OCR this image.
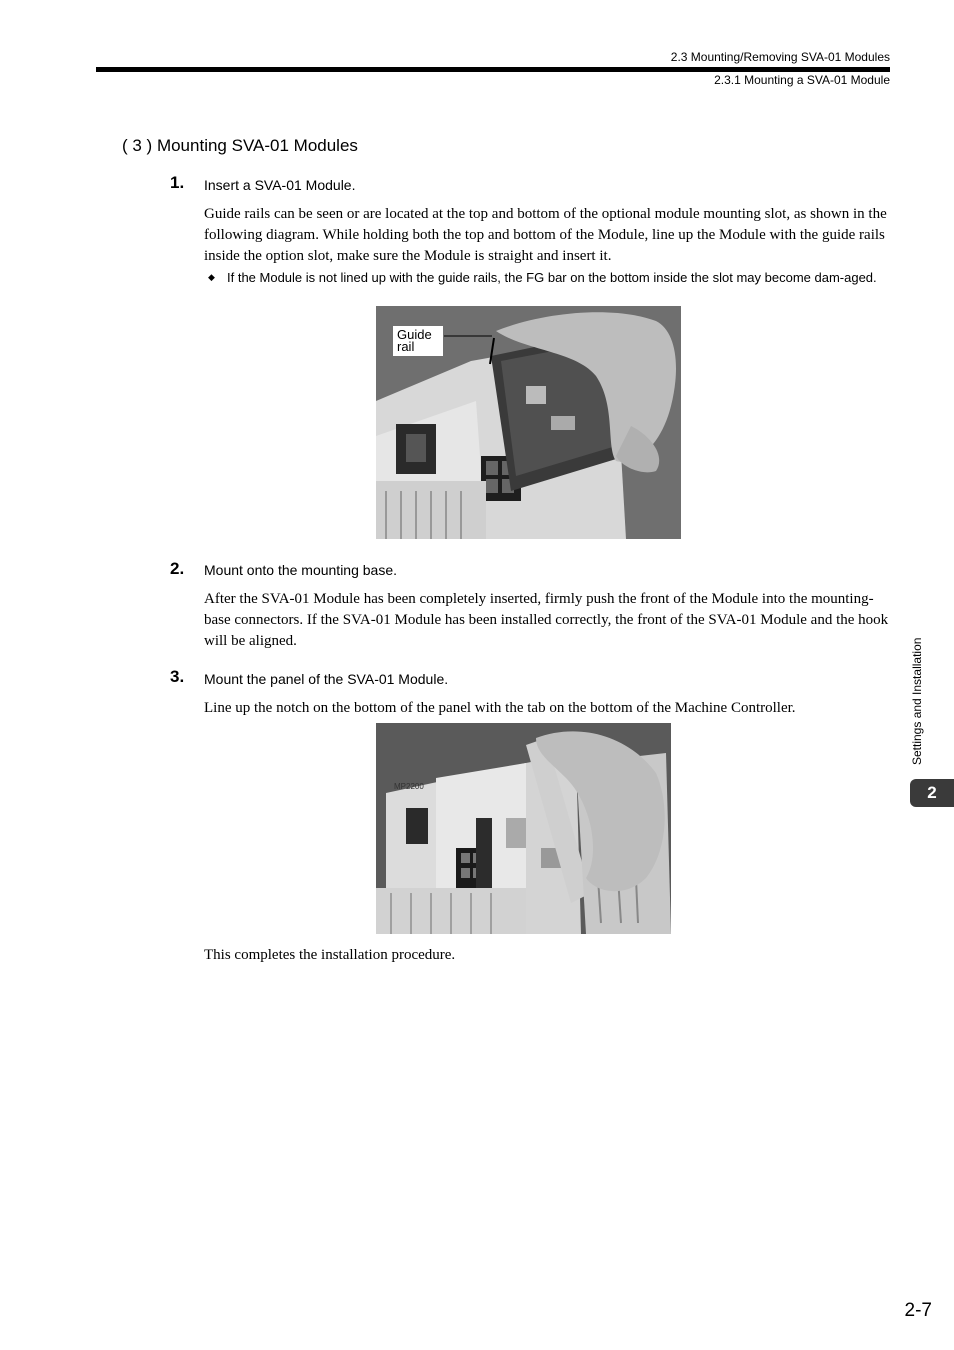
2.3 Mounting/Removing SVA-01 Modules
2.3.1 Mounting a SVA-01 Module
( 3 ) Mounting SVA-01 Modules
1. Insert a SVA-01 Module.
Guide rails can be seen or are located at the top and bottom of the optional module mounting slot, as shown in the following diagram. While holding both the top and bottom of the Module, line up the Module with the guide rails inside the option slot, make sure the Module is straight and insert it.
◆ If the Module is not lined up with the guide rails, the FG bar on the bottom inside the slot may become dam-aged.
Guide rail
2. Mount onto the mounting base.
After the SVA-01 Module has been completely inserted, firmly push the front of the Module into the mounting-base connectors. If the SVA-01 Module has been installed correctly, the front of the SVA-01 Module and the hook will be aligned.
3. Mount the panel of the SVA-01 Module.
Line up the notch on the bottom of the panel with the tab on the bottom of the Machine Controller.
MP2200
This completes the installation procedure.
Settings and Installation
2
2-7
